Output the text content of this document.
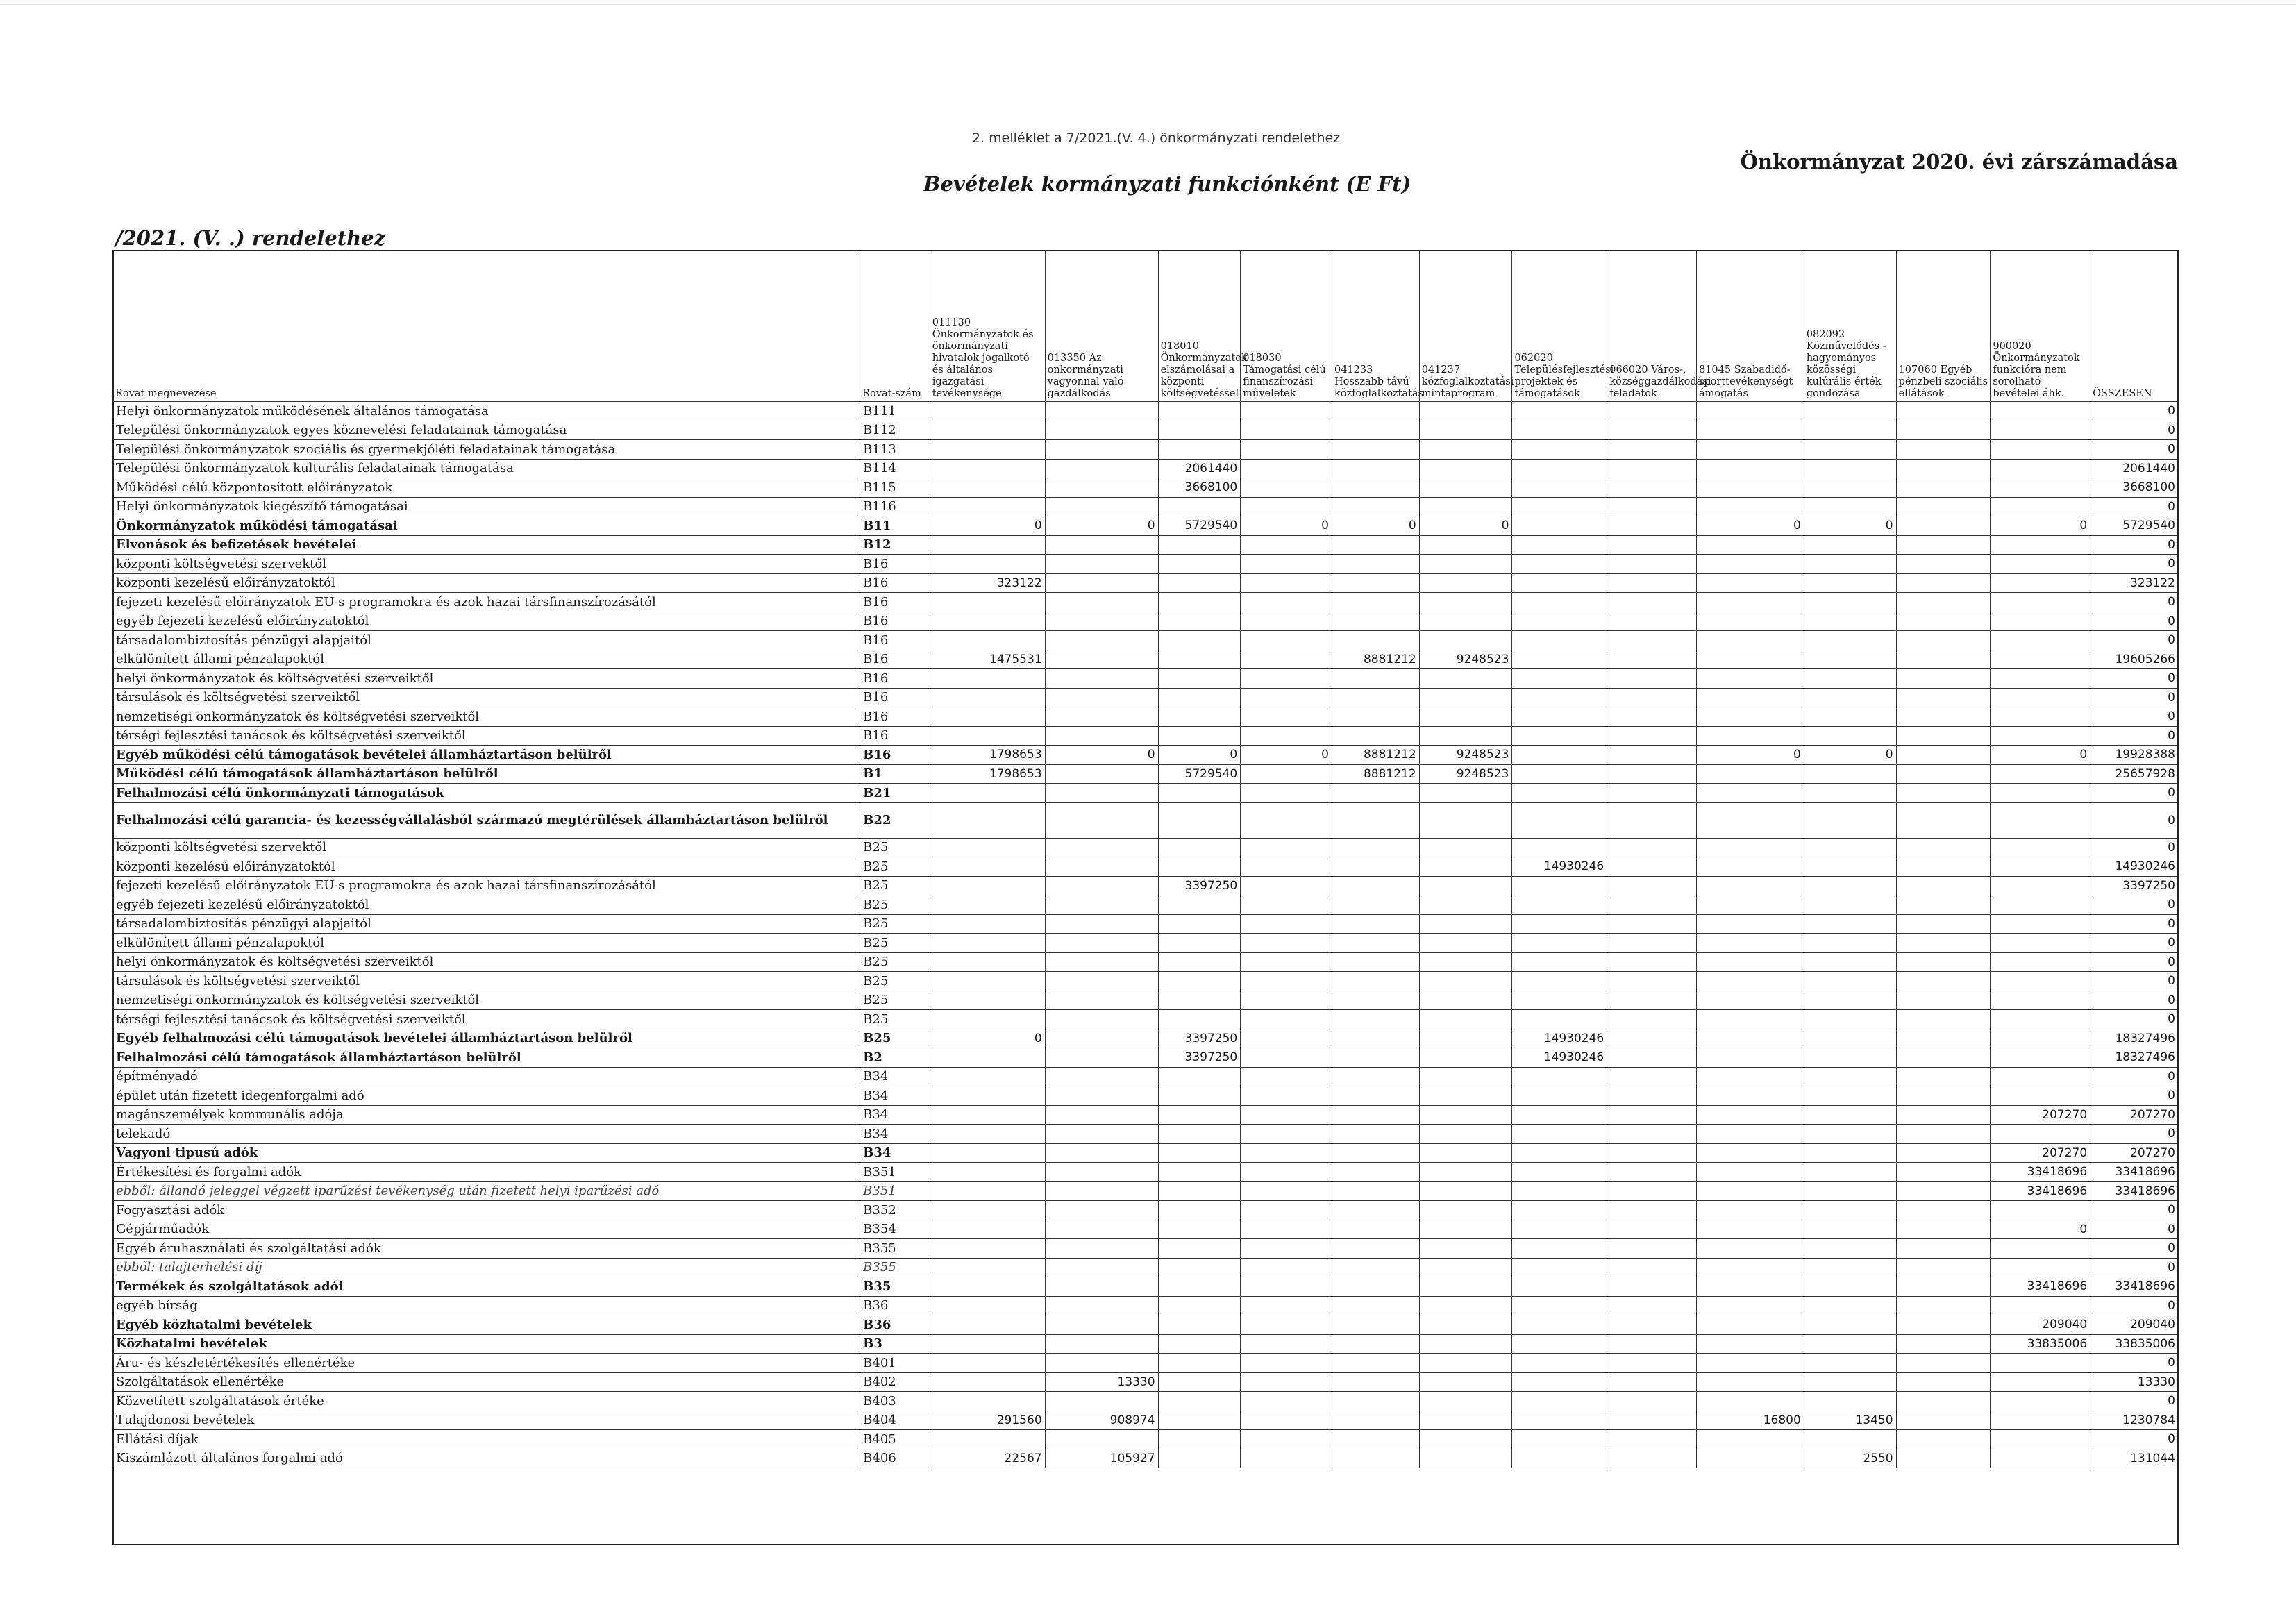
2. melléklet a 7/2021.(V. 4.) önkormányzati rendelethez
Bevételek kormányzati funkciónként (E Ft)
Önkormányzat 2020. évi zárszámadása
/2021. (V. .) rendelethez
Rovat megnevezése	Rovat-szám	011130 Önkormányzatok és önkormányzati hivatalok jogalkotó és általános igazgatási tevékenysége	013350 Az onkormányzati vagyonnal való gazdálkodás	018010 Önkormányzatok elszámolásai a központi költségvetéssel	018030 Támogatási célú finanszírozási műveletek	041233 Hosszabb távú közfoglalkoztatás	041237 közfoglalkoztatási mintaprogram	062020 Településfejlesztési projektek és támogatások	066020 Város-, községgazdálkodási feladatok	81045 Szabadidő-sporttevékenységt ámogatás	082092 Közművelődés - hagyományos közösségi kulúrális érték gondozása	107060 Egyéb pénzbeli szociális ellátások	900020 Önkormányzatok funkcióra nem sorolható bevételei áhk.	ÖSSZESEN
Helyi önkormányzatok működésének általános támogatása	B111													0
Települési önkormányzatok egyes köznevelési feladatainak támogatása	B112													0
Települési önkormányzatok szociális és gyermekjóléti feladatainak támogatása	B113													0
Települési önkormányzatok kulturális feladatainak támogatása	B114			2061440										2061440
Működési célú központosított előirányzatok	B115			3668100										3668100
Helyi önkormányzatok kiegészítő támogatásai	B116													0
Önkormányzatok működési támogatásai	B11	0	0	5729540	0	0	0			0	0		0	5729540
Elvonások és befizetések bevételei	B12													0
központi költségvetési szervektől	B16													0
központi kezelésű előirányzatoktól	B16	323122												323122
fejezeti kezelésű előirányzatok EU-s programokra és azok hazai társfinanszírozásától	B16													0
egyéb fejezeti kezelésű előirányzatoktól	B16													0
társadalombiztosítás pénzügyi alapjaitól	B16													0
elkülönített állami pénzalapoktól	B16	1475531				8881212	9248523							19605266
helyi önkormányzatok és költségvetési szerveiktől	B16													0
társulások és költségvetési szerveiktől	B16													0
nemzetiségi önkormányzatok és költségvetési szerveiktől	B16													0
térségi fejlesztési tanácsok és költségvetési szerveiktől	B16													0
Egyéb működési célú támogatások bevételei államháztartáson belülről	B16	1798653	0	0	0	8881212	9248523			0	0		0	19928388
Működési célú támogatások államháztartáson belülről	B1	1798653		5729540		8881212	9248523							25657928
Felhalmozási célú önkormányzati támogatások	B21													0
Felhalmozási célú garancia- és kezességvállalásból származó megtérülések államháztartáson belülről	B22													0
központi költségvetési szervektől	B25													0
központi kezelésű előirányzatoktól	B25							14930246						14930246
fejezeti kezelésű előirányzatok EU-s programokra és azok hazai társfinanszírozásától	B25			3397250										3397250
egyéb fejezeti kezelésű előirányzatoktól	B25													0
társadalombiztosítás pénzügyi alapjaitól	B25													0
elkülönített állami pénzalapoktól	B25													0
helyi önkormányzatok és költségvetési szerveiktől	B25													0
társulások és költségvetési szerveiktől	B25													0
nemzetiségi önkormányzatok és költségvetési szerveiktől	B25													0
térségi fejlesztési tanácsok és költségvetési szerveiktől	B25													0
Egyéb felhalmozási célú támogatások bevételei államháztartáson belülről	B25	0		3397250				14930246						18327496
Felhalmozási célú támogatások államháztartáson belülről	B2			3397250				14930246						18327496
építményadó	B34													0
épület után fizetett idegenforgalmi adó	B34													0
magánszemélyek kommunális adója	B34												207270	207270
telekadó	B34													0
Vagyoni tipusú adók	B34												207270	207270
Értékesítési és forgalmi adók	B351												33418696	33418696
ebből: állandó jeleggel végzett iparűzési tevékenység után fizetett helyi iparűzési adó	B351												33418696	33418696
Fogyasztási adók	B352													0
Gépjárműadók	B354												0	0
Egyéb áruhasználati és szolgáltatási adók	B355													0
ebből: talajterhelési díj	B355													0
Termékek és szolgáltatások adói	B35												33418696	33418696
egyéb bírság	B36													0
Egyéb közhatalmi bevételek	B36												209040	209040
Közhatalmi bevételek	B3												33835006	33835006
Áru- és készletértékesítés ellenértéke	B401													0
Szolgáltatások ellenértéke	B402		13330											13330
Közvetített szolgáltatások értéke	B403													0
Tulajdonosi bevételek	B404	291560	908974							16800	13450			1230784
Ellátási díjak	B405													0
Kiszámlázott általános forgalmi adó	B406	22567	105927								2550			131044
